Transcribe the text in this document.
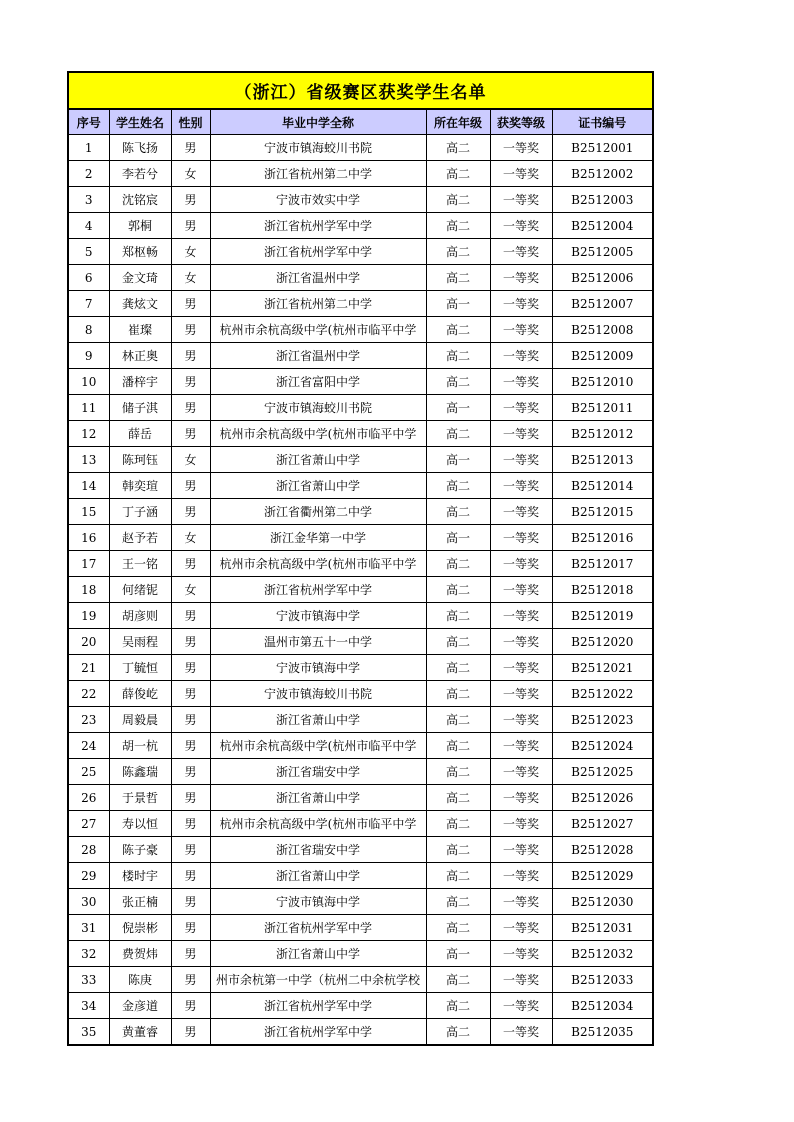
（浙江）省级赛区获奖学生名单						
序号	学生姓名	性别	毕业中学全称	所在年级	获奖等级	证书编号
1	陈飞扬	男	宁波市镇海蛟川书院	高二	一等奖	B2512001
2	李若兮	女	浙江省杭州第二中学	高二	一等奖	B2512002
3	沈铭宸	男	宁波市效实中学	高二	一等奖	B2512003
4	郭桐	男	浙江省杭州学军中学	高二	一等奖	B2512004
5	郑枢畅	女	浙江省杭州学军中学	高二	一等奖	B2512005
6	金文琦	女	浙江省温州中学	高二	一等奖	B2512006
7	龚炫文	男	浙江省杭州第二中学	高一	一等奖	B2512007
8	崔璨	男	杭州市余杭高级中学(杭州市临平中学	高二	一等奖	B2512008
9	林正奥	男	浙江省温州中学	高二	一等奖	B2512009
10	潘梓宇	男	浙江省富阳中学	高二	一等奖	B2512010
11	储子淇	男	宁波市镇海蛟川书院	高一	一等奖	B2512011
12	薛岳	男	杭州市余杭高级中学(杭州市临平中学	高二	一等奖	B2512012
13	陈珂钰	女	浙江省萧山中学	高一	一等奖	B2512013
14	韩奕瑄	男	浙江省萧山中学	高二	一等奖	B2512014
15	丁子涵	男	浙江省衢州第二中学	高二	一等奖	B2512015
16	赵予若	女	浙江金华第一中学	高一	一等奖	B2512016
17	王一铭	男	杭州市余杭高级中学(杭州市临平中学	高二	一等奖	B2512017
18	何绪铌	女	浙江省杭州学军中学	高二	一等奖	B2512018
19	胡彦则	男	宁波市镇海中学	高二	一等奖	B2512019
20	吴雨程	男	温州市第五十一中学	高二	一等奖	B2512020
21	丁毓恒	男	宁波市镇海中学	高二	一等奖	B2512021
22	薛俊屹	男	宁波市镇海蛟川书院	高二	一等奖	B2512022
23	周毅晨	男	浙江省萧山中学	高二	一等奖	B2512023
24	胡一杭	男	杭州市余杭高级中学(杭州市临平中学	高二	一等奖	B2512024
25	陈鑫瑞	男	浙江省瑞安中学	高二	一等奖	B2512025
26	于景哲	男	浙江省萧山中学	高二	一等奖	B2512026
27	寿以恒	男	杭州市余杭高级中学(杭州市临平中学	高二	一等奖	B2512027
28	陈子豪	男	浙江省瑞安中学	高二	一等奖	B2512028
29	楼时宇	男	浙江省萧山中学	高二	一等奖	B2512029
30	张正楠	男	宁波市镇海中学	高二	一等奖	B2512030
31	倪崇彬	男	浙江省杭州学军中学	高二	一等奖	B2512031
32	费贺炜	男	浙江省萧山中学	高一	一等奖	B2512032
33	陈庚	男	州市余杭第一中学（杭州二中余杭学校	高二	一等奖	B2512033
34	金彦道	男	浙江省杭州学军中学	高二	一等奖	B2512034
35	黄董睿	男	浙江省杭州学军中学	高二	一等奖	B2512035
